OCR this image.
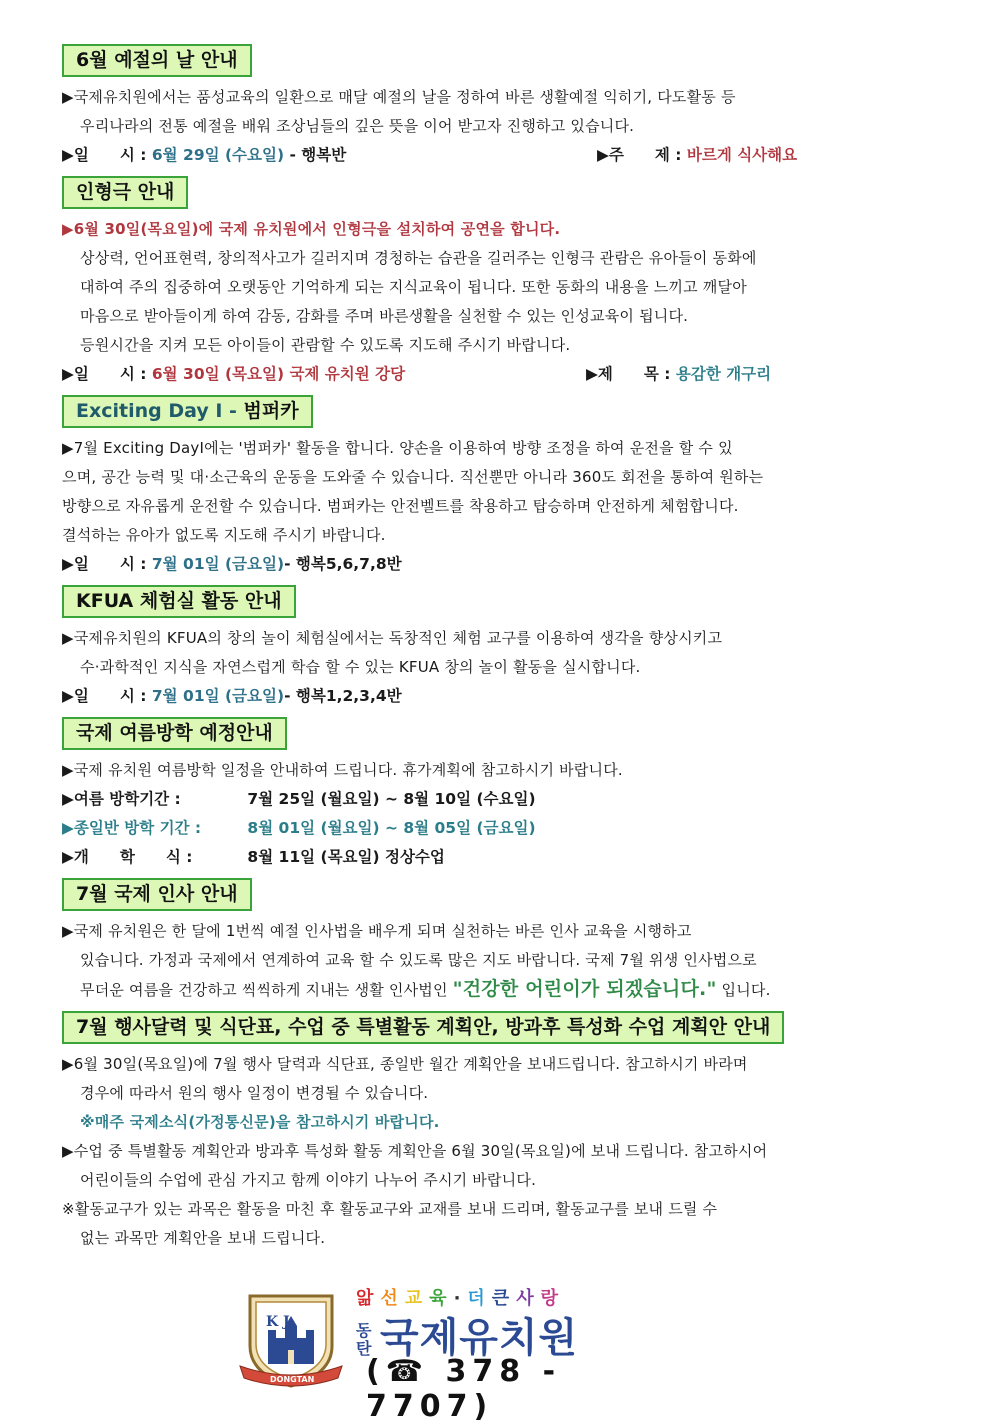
6월 예절의 날 안내
▶국제유치원에서는 품성교육의 일환으로 매달 예절의 날을 정하여 바른 생활예절 익히기, 다도활동 등
우리나라의 전통 예절을 배워 조상님들의 깊은 뜻을 이어 받고자 진행하고 있습니다.
▶일　　시 : 6월 29일 (수요일) - 행복반	▶주　　제 : 바르게 식사해요
인형극 안내
▶6월 30일(목요일)에 국제 유치원에서 인형극을 설치하여 공연을 합니다.
상상력, 언어표현력, 창의적사고가 길러지며 경청하는 습관을 길러주는 인형극 관람은 유아들이 동화에
대하여 주의 집중하여 오랫동안 기억하게 되는 지식교육이 됩니다. 또한 동화의 내용을 느끼고 깨달아
마음으로 받아들이게 하여 감동, 감화를 주며 바른생활을 실천할 수 있는 인성교육이 됩니다.
등원시간을 지켜 모든 아이들이 관람할 수 있도록 지도해 주시기 바랍니다.
▶일　　시 : 6월 30일 (목요일) 국제 유치원 강당	▶제　　목 : 용감한 개구리
Exciting Day Ⅰ - 범퍼카
▶7월 Exciting DayⅠ에는 '범퍼카' 활동을 합니다. 양손을 이용하여 방향 조정을 하여 운전을 할 수 있
으며, 공간 능력 및 대·소근육의 운동을 도와줄 수 있습니다. 직선뿐만 아니라 360도 회전을 통하여 원하는
방향으로 자유롭게 운전할 수 있습니다. 범퍼카는 안전벨트를 착용하고 탑승하며 안전하게 체험합니다.
결석하는 유아가 없도록 지도해 주시기 바랍니다.
▶일　　시 :
7월 01일 (금요일) - 행복5,6,7,8반
KFUA 체험실 활동 안내
▶국제유치원의 KFUA의 창의 놀이 체험실에서는 독창적인 체험 교구를 이용하여 생각을 향상시키고
수·과학적인 지식을 자연스럽게 학습 할 수 있는 KFUA 창의 놀이 활동을 실시합니다.
▶일　　시 :
7월 01일 (금요일) - 행복1,2,3,4반
국제 여름방학 예정안내
▶국제 유치원 여름방학 일정을 안내하여 드립니다. 휴가계획에 참고하시기 바랍니다.
▶여름 방학기간 :	7월 25일 (월요일) ~ 8월 10일 (수요일)
▶종일반 방학 기간 :	8월 01일 (월요일) ~ 8월 05일 (금요일)
▶개　　학　　식 :	8월 11일 (목요일) 정상수업
7월 국제 인사 안내
▶국제 유치원은 한 달에 1번씩 예절 인사법을 배우게 되며 실천하는 바른 인사 교육을 시행하고
있습니다. 가정과 국제에서 연계하여 교육 할 수 있도록 많은 지도 바랍니다. 국제 7월 위생 인사법으로
무더운 여름을 건강하고 씩씩하게 지내는 생활 인사법인 "건강한 어린이가 되겠습니다." 입니다.
7월 행사달력 및 식단표, 수업 중 특별활동 계획안, 방과후 특성화 수업 계획안 안내
▶6월 30일(목요일)에 7월 행사 달력과 식단표, 종일반 월간 계획안을 보내드립니다. 참고하시기 바라며
경우에 따라서 원의 행사 일정이 변경될 수 있습니다.
※매주 국제소식(가정통신문)을 참고하시기 바랍니다.
▶수업 중 특별활동 계획안과 방과후 특성화 활동 계획안을 6월 30일(목요일)에 보내 드립니다. 참고하시어
어린이들의 수업에 관심 가지고 함께 이야기 나누어 주시기 바랍니다.
※활동교구가 있는 과목은 활동을 마친 후 활동교구와 교재를 보내 드리며, 활동교구를 보내 드릴 수
없는 과목만 계획안을 보내 드립니다.
K J
DONGTAN
앎선교육·더큰사랑
동
탄 국제유치원
(☎ 378 - 7707)
